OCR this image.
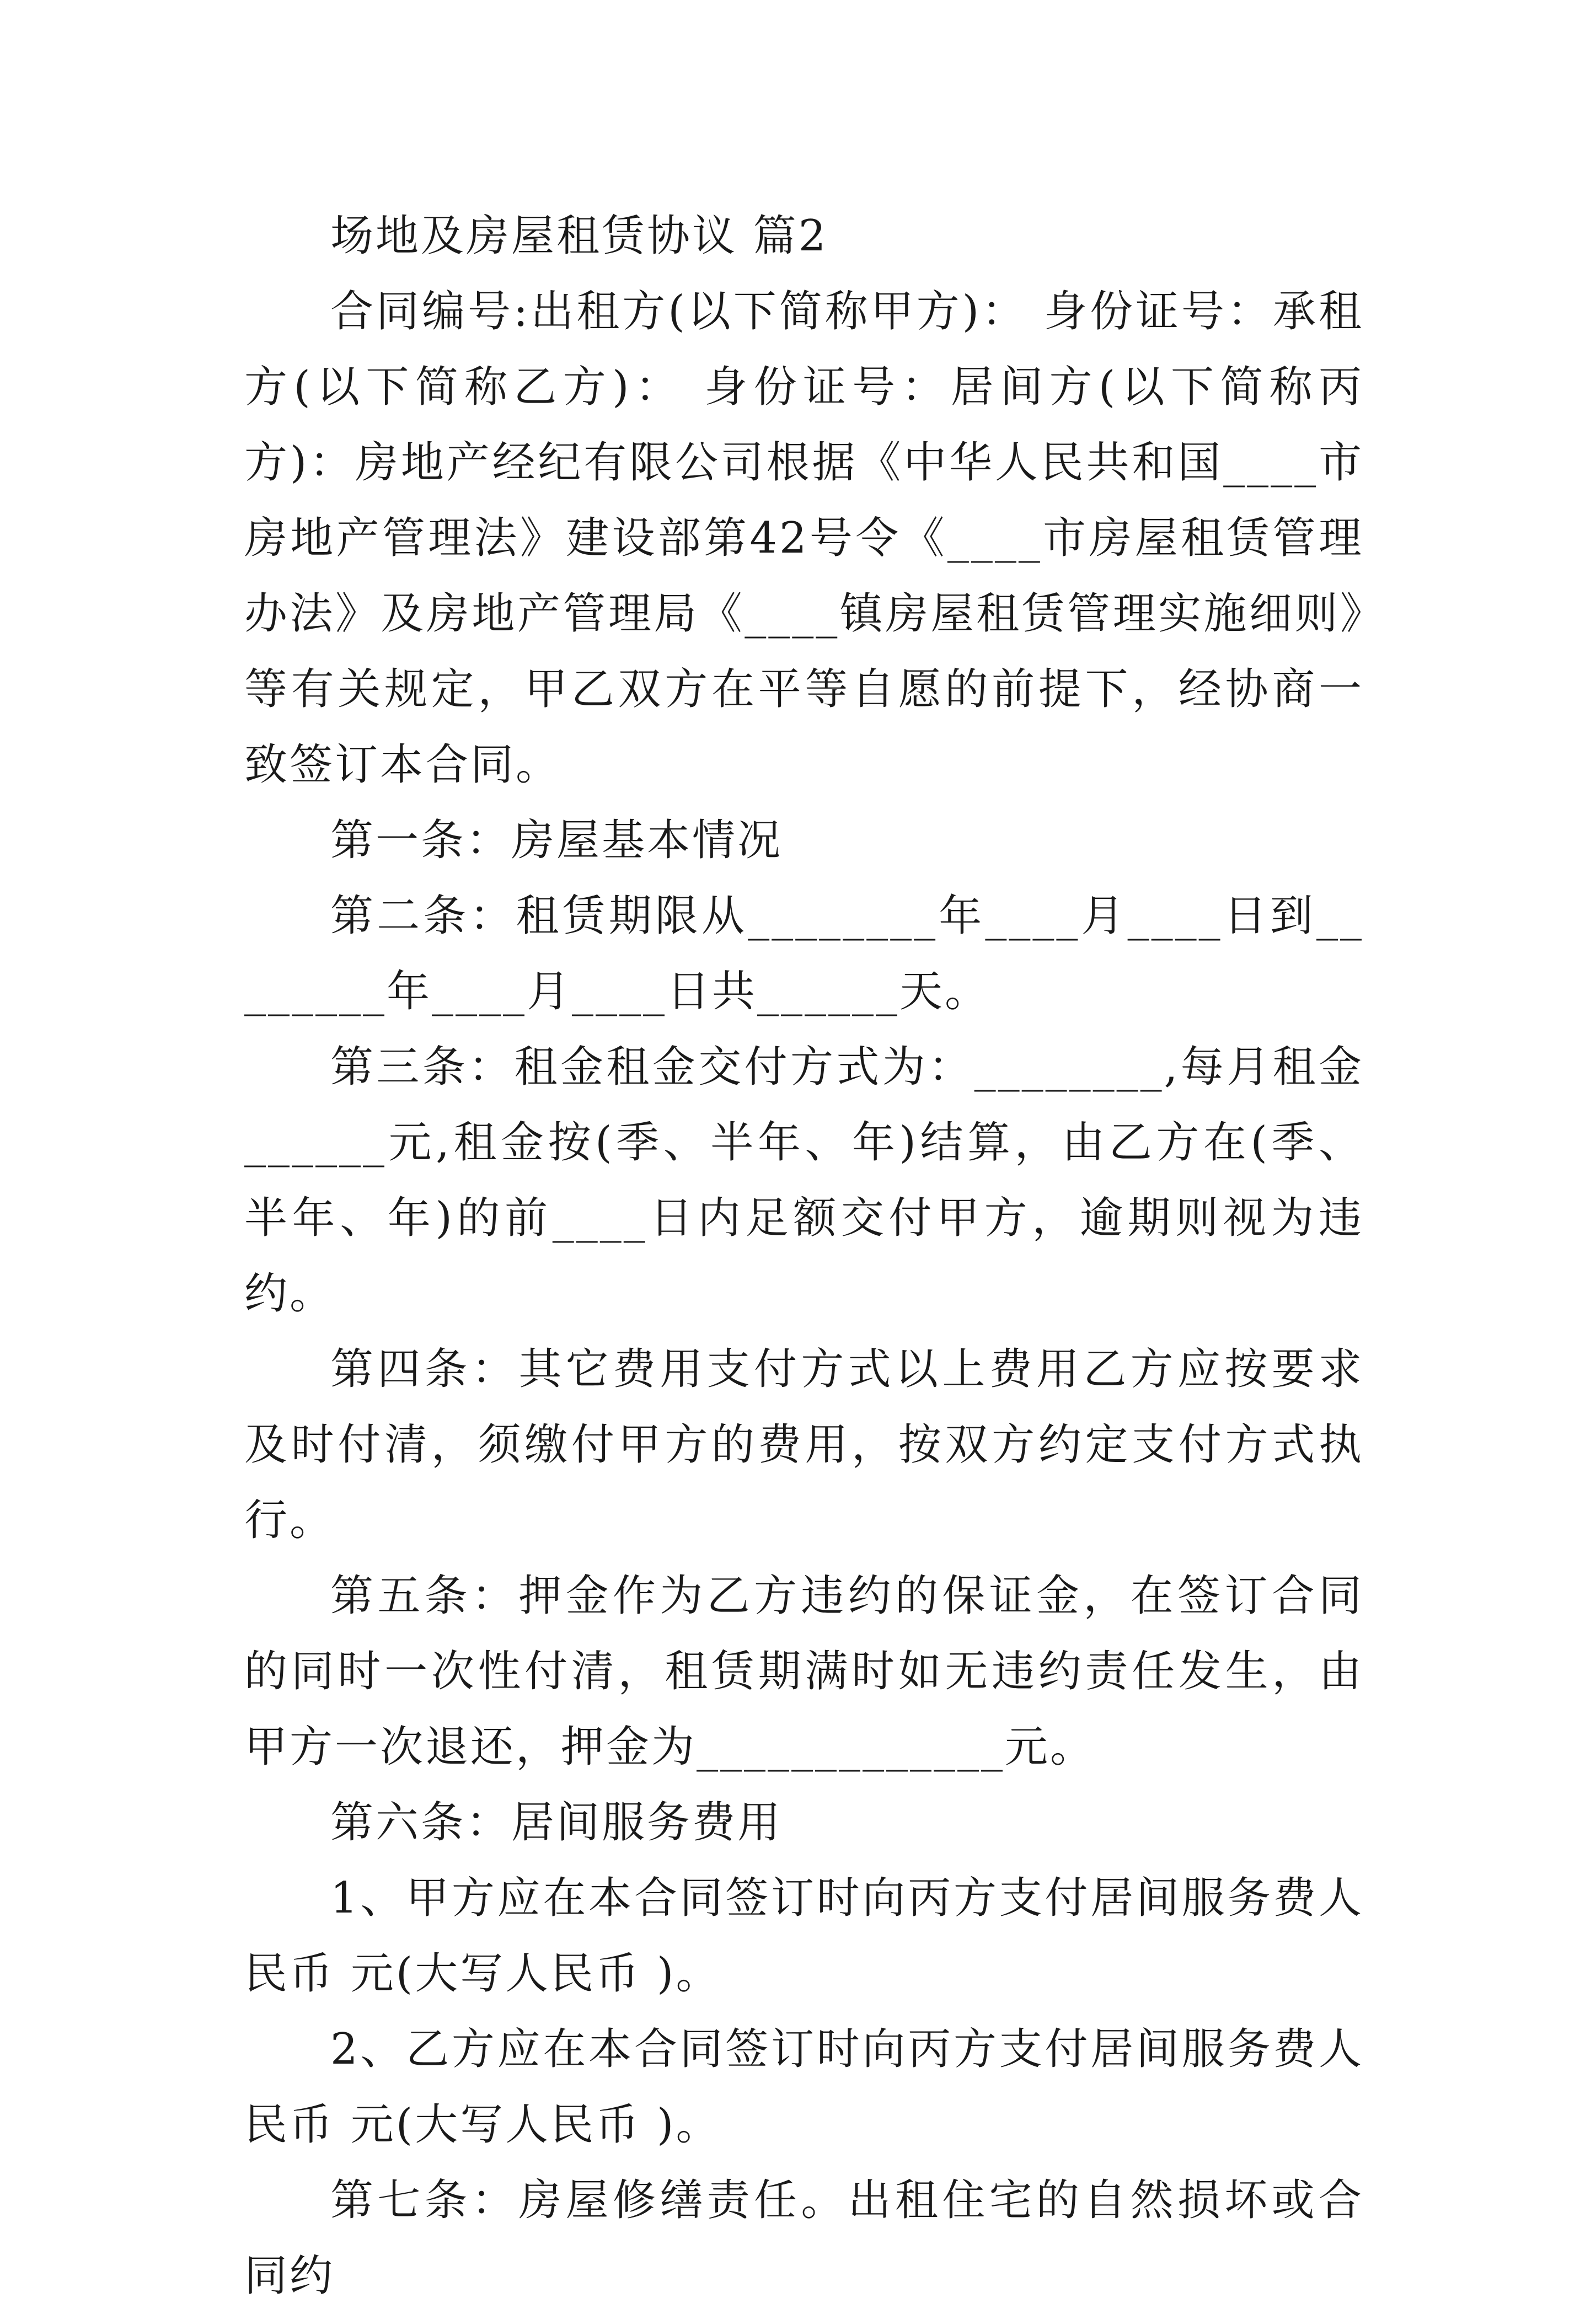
场地及房屋租赁协议 篇2

合同编号:出租方(以下简称甲方)： 身份证号：承租方(以下简称乙方)： 身份证号：居间方(以下简称丙方)：房地产经纪有限公司根据《中华人民共和国____市房地产管理法》建设部第42号令《____市房屋租赁管理办法》及房地产管理局《____镇房屋租赁管理实施细则》等有关规定，甲乙双方在平等自愿的前提下，经协商一致签订本合同。

第一条：房屋基本情况

第二条：租赁期限从________年____月____日到________年____月____日共______天。

第三条：租金租金交付方式为：________,每月租金______元,租金按(季、半年、年)结算，由乙方在(季、半年、年)的前____日内足额交付甲方，逾期则视为违约。

第四条：其它费用支付方式以上费用乙方应按要求及时付清，须缴付甲方的费用，按双方约定支付方式执行。

第五条：押金作为乙方违约的保证金，在签订合同的同时一次性付清，租赁期满时如无违约责任发生，由甲方一次退还，押金为_____________元。

第六条：居间服务费用

1、甲方应在本合同签订时向丙方支付居间服务费人民币 元(大写人民币 )。

2、乙方应在本合同签订时向丙方支付居间服务费人民币 元(大写人民币 )。

第七条：房屋修缮责任。出租住宅的自然损坏或合同约
